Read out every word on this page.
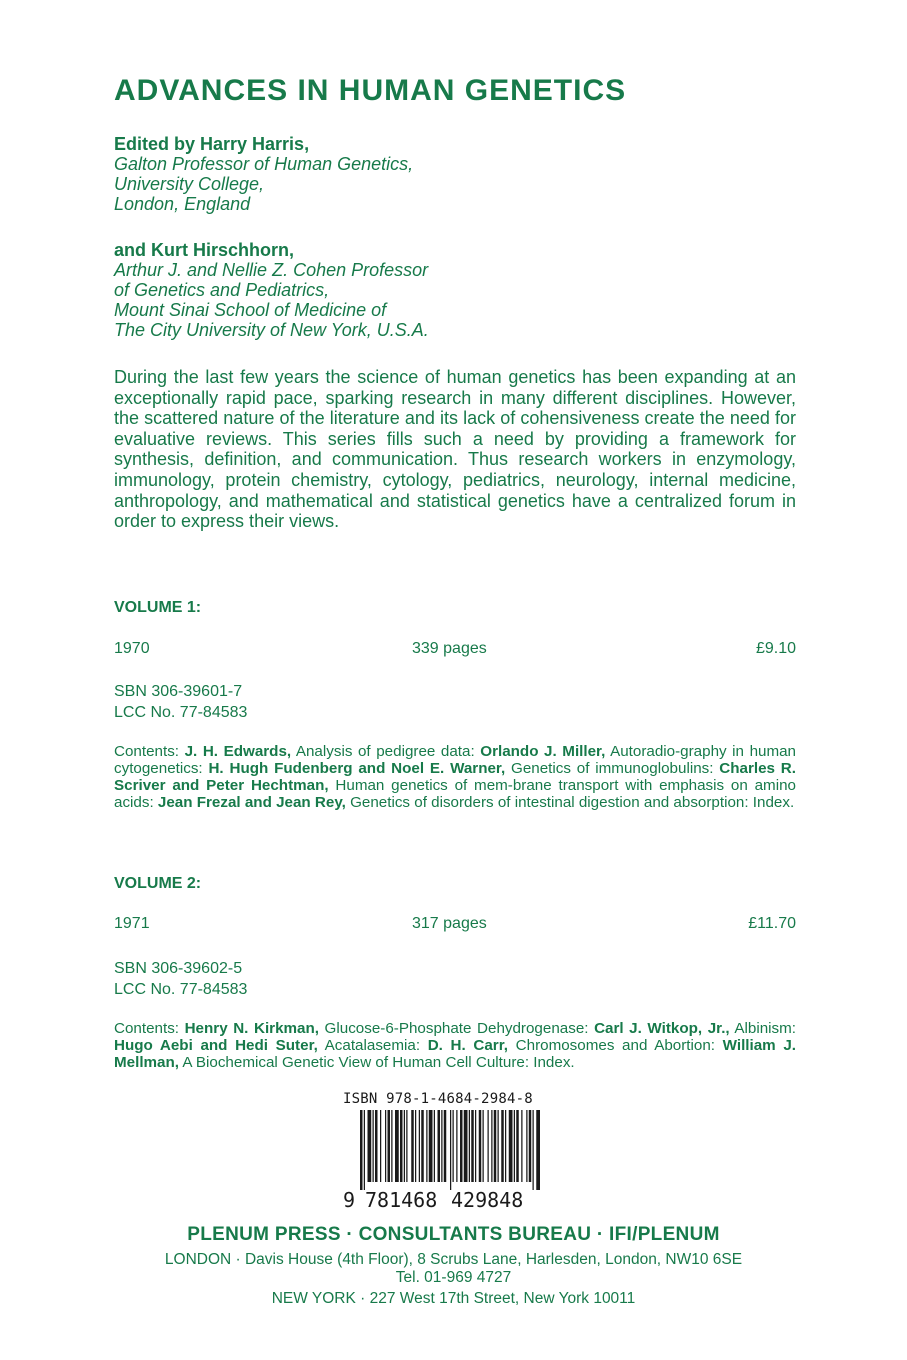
ADVANCES IN HUMAN GENETICS
Edited by Harry Harris,
Galton Professor of Human Genetics,
University College,
London, England
and Kurt Hirschhorn,
Arthur J. and Nellie Z. Cohen Professor
of Genetics and Pediatrics,
Mount Sinai School of Medicine of
The City University of New York, U.S.A.
During the last few years the science of human genetics has been expanding at an exceptionally rapid pace, sparking research in many different disciplines. However, the scattered nature of the literature and its lack of cohensiveness create the need for evaluative reviews. This series fills such a need by providing a framework for synthesis, definition, and communication. Thus research workers in enzymology, immunology, protein chemistry, cytology, pediatrics, neurology, internal medicine, anthropology, and mathematical and statistical genetics have a centralized forum in order to express their views.
VOLUME 1:
1970	339 pages	£9.10
SBN 306-39601-7
LCC No. 77-84583
Contents: J. H. Edwards, Analysis of pedigree data: Orlando J. Miller, Autoradio-graphy in human cytogenetics: H. Hugh Fudenberg and Noel E. Warner, Genetics of immunoglobulins: Charles R. Scriver and Peter Hechtman, Human genetics of mem-brane transport with emphasis on amino acids: Jean Frezal and Jean Rey, Genetics of disorders of intestinal digestion and absorption: Index.
VOLUME 2:
1971	317 pages	£11.70
SBN 306-39602-5
LCC No. 77-84583
Contents: Henry N. Kirkman, Glucose-6-Phosphate Dehydrogenase: Carl J. Witkop, Jr., Albinism: Hugo Aebi and Hedi Suter, Acatalasemia: D. H. Carr, Chromosomes and Abortion: William J. Mellman, A Biochemical Genetic View of Human Cell Culture: Index.
ISBN 978-1-4684-2984-8
9 781468 429848
PLENUM PRESS · CONSULTANTS BUREAU · IFI/PLENUM
LONDON · Davis House (4th Floor), 8 Scrubs Lane, Harlesden, London, NW10 6SE
Tel. 01-969 4727
NEW YORK · 227 West 17th Street, New York 10011
